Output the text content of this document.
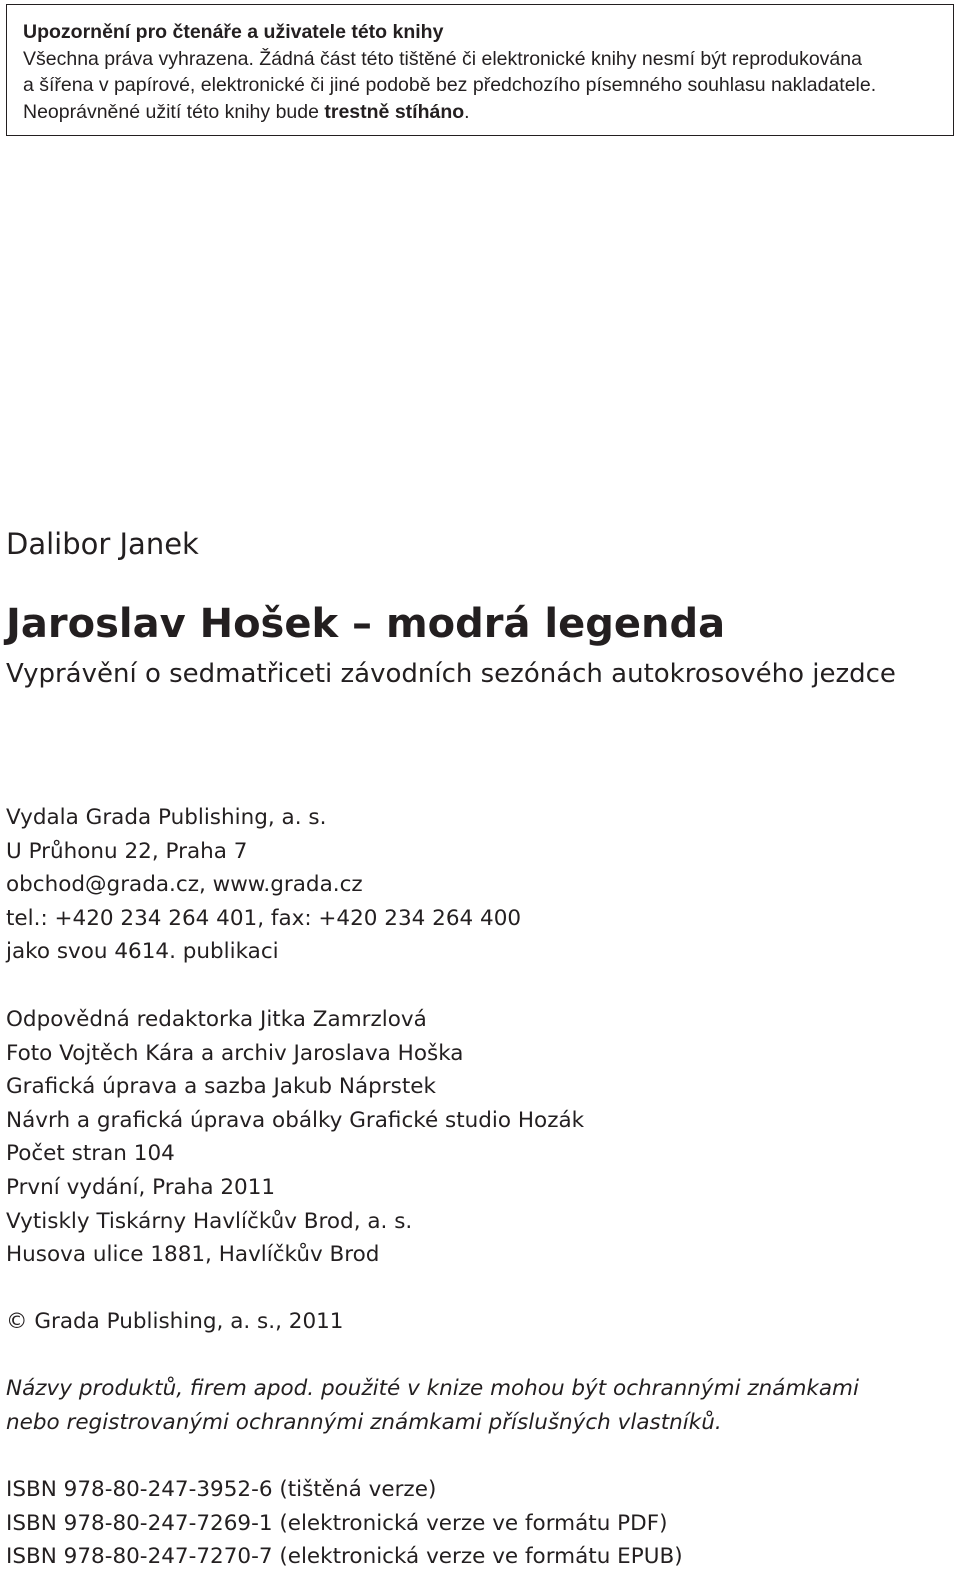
Upozornění pro čtenáře a uživatele této knihy

Všechna práva vyhrazena. Žádná část této tištěné či elektronické knihy nesmí být reprodukována

a šířena v papírové, elektronické či jiné podobě bez předchozího písemného souhlasu nakladatele.

Neoprávněné užití této knihy bude trestně stíháno.

Dalibor Janek
Jaroslav Hošek – modrá legenda

Vyprávění o sedmatřiceti závodních sezónách autokrosového jezdce

Vydala Grada Publishing, a. s.
U Průhonu 22, Praha 7
obchod@grada.cz, www.grada.cz
tel.: +420 234 264 401, fax: +420 234 264 400
jako svou 4614. publikaci
Odpovědná redaktorka Jitka Zamrzlová
Foto Vojtěch Kára a archiv Jaroslava Hoška
Grafická úprava a sazba Jakub Náprstek
Návrh a grafická úprava obálky Grafické studio Hozák
Počet stran 104
První vydání, Praha 2011
Vytiskly Tiskárny Havlíčkův Brod, a. s.
Husova ulice 1881, Havlíčkův Brod
© Grada Publishing, a. s., 2011
Názvy produktů, firem apod. použité v knize mohou být ochrannými známkami
nebo registrovanými ochrannými známkami příslušných vlastníků.
ISBN 978-80-247-3952-6 (tištěná verze)
ISBN 978-80-247-7269-1 (elektronická verze ve formátu PDF)
ISBN 978-80-247-7270-7 (elektronická verze ve formátu EPUB)
